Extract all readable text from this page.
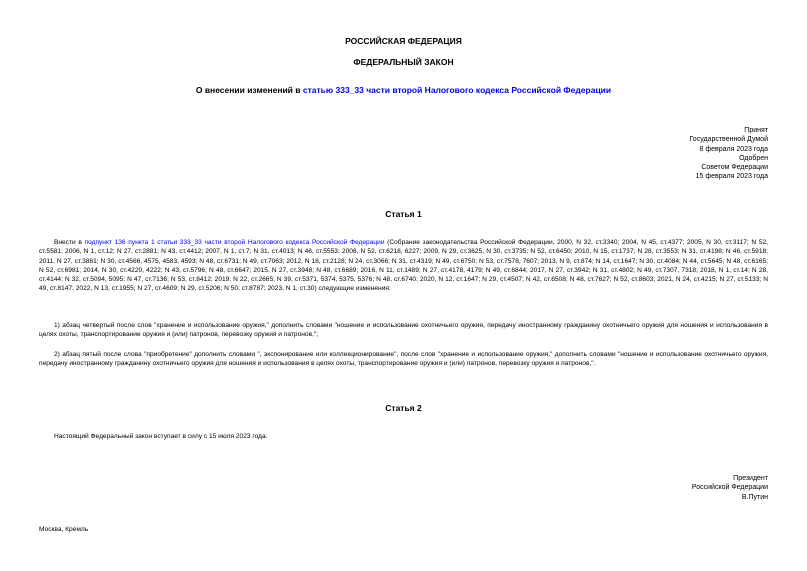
РОССИЙСКАЯ ФЕДЕРАЦИЯ
ФЕДЕРАЛЬНЫЙ ЗАКОН
О внесении изменений в статью 333_33 части второй Налогового кодекса Российской Федерации
Принят
Государственной Думой
8 февраля 2023 года
Одобрен
Советом Федерации
15 февраля 2023 года
Статья 1
Внести в подпункт 136 пункта 1 статьи 333_33 части второй Налогового кодекса Российской Федерации (Собрание законодательства Российской Федерации, 2000, N 32, ст.3340; 2004, N 45, ст.4377; 2005, N 30, ст.3117; N 52, ст.5581; 2006, N 1, ст.12; N 27, ст.2881; N 43, ст.4412; 2007, N 1, ст.7; N 31, ст.4013; N 46, ст.5553; 2008, N 52, ст.6218, 6227; 2009, N 29, ст.3625; N 30, ст.3735; N 52, ст.6450; 2010, N 15, ст.1737; N 28, ст.3553; N 31, ст.4198; N 46, ст.5918; 2011, N 27, ст.3881; N 30, ст.4566, 4575, 4583, 4593; N 48, ст.6731; N 49, ст.7063; 2012, N 18, ст.2128; N 24, ст.3066; N 31, ст.4319; N 49, ст.6750; N 53, ст.7578, 7607; 2013, N 9, ст.874; N 14, ст.1647; N 30, ст.4084; N 44, ст.5645; N 48, ст.6165; N 52, ст.6981; 2014, N 30, ст.4220, 4222; N 43, ст.5796; N 48, ст.6647; 2015, N 27, ст.3948; N 48, ст.6689; 2016, N 11, ст.1489; N 27, ст.4178, 4179; N 49, ст.6844; 2017, N 27, ст.3942; N 31, ст.4802; N 49, ст.7307, 7318; 2018, N 1, ст.14; N 28, ст.4144; N 32, ст.5094, 5095; N 47, ст.7136; N 53, ст.8412; 2019, N 22, ст.2665; N 39, ст.5371, 5374, 5375, 5376; N 48, ст.6740; 2020, N 12, ст.1647; N 29, ст.4507; N 42, ст.6508; N 48, ст.7627; N 52, ст.8603; 2021, N 24, ст.4215; N 27, ст.5133; N 49, ст.8147; 2022, N 13, ст.1955; N 27, ст.4609; N 29, ст.5206; N 50, ст.8787; 2023, N 1, ст.30) следующие изменения:
1) абзац четвертый после слов "хранение и использование оружия," дополнить словами "ношение и использование охотничьего оружия, передачу иностранному гражданину охотничьего оружия для ношения и использования в целях охоты, транспортирование оружия и (или) патронов, перевозку оружия и патронов,";
2) абзац пятый после слова "приобретение" дополнить словами ", экспонирование или коллекционирование", после слов "хранение и использование оружия," дополнить словами "ношение и использование охотничьего оружия, передачу иностранному гражданину охотничьего оружия для ношения и использования в целях охоты, транспортирование оружия и (или) патронов, перевозку оружия и патронов,".
Статья 2
Настоящий Федеральный закон вступает в силу с 15 июля 2023 года.
Президент
Российской Федерации
В.Путин
Москва, Кремль
